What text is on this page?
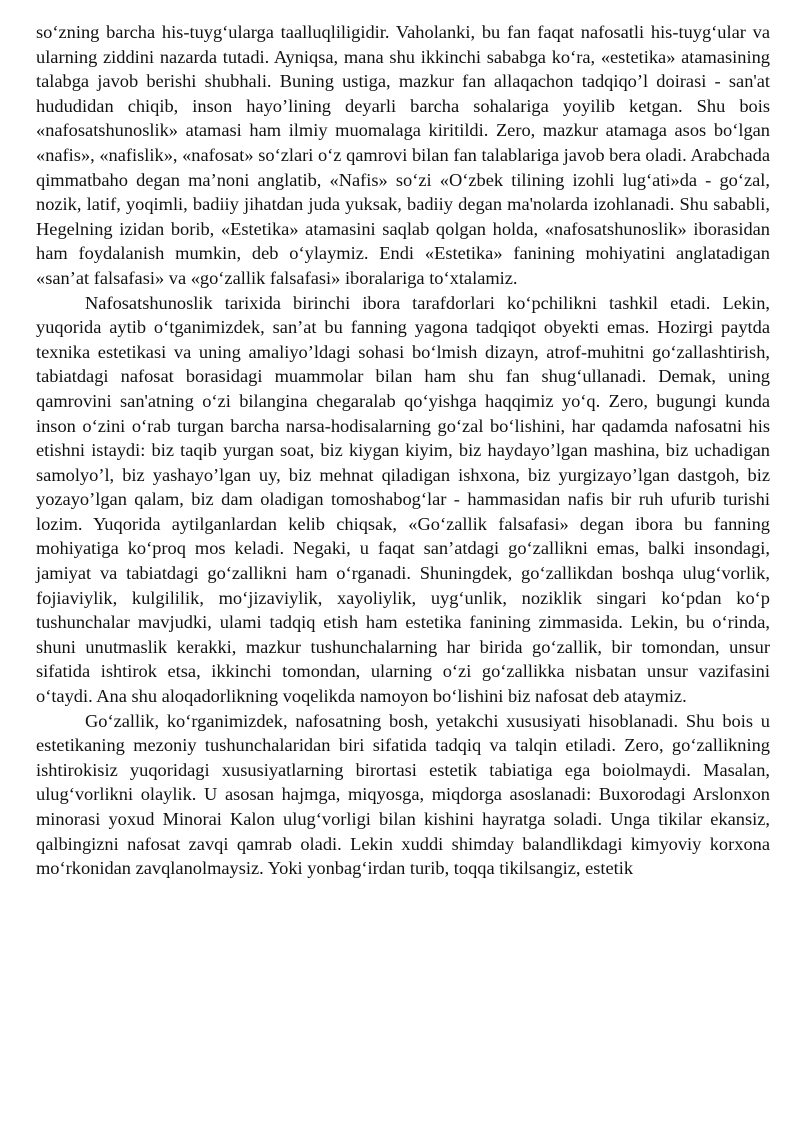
so‘zning barcha his-tuyg‘ularga taalluqliligidir. Vaholanki, bu fan faqat nafosatli his-tuyg‘ular va ularning ziddini nazarda tutadi. Ayniqsa, mana shu ikkinchi sababga ko‘ra, «estetika» atamasining talabga javob berishi shubhali. Buning ustiga, mazkur fan allaqachon tadqiqo’l doirasi - san'at hududidan chiqib, inson hayo’lining deyarli barcha sohalariga yoyilib ketgan. Shu bois «nafosatshunoslik» atamasi ham ilmiy muomalaga kiritildi. Zero, mazkur atamaga asos bo‘lgan «nafis», «nafislik», «nafosat» so‘zlari o‘z qamrovi bilan fan talablariga javob bera oladi. Arabchada qimmatbaho degan ma’noni anglatib, «Nafis» so‘zi «O‘zbek tilining izohli lug‘ati»da - go‘zal, nozik, latif, yoqimli, badiiy jihatdan juda yuksak, badiiy degan ma'nolarda izohlanadi. Shu sababli, Hegelning izidan borib, «Estetika» atamasini saqlab qolgan holda, «nafosatshunoslik» iborasidan ham foydalanish mumkin, deb o‘ylaymiz. Endi «Estetika» fanining mohiyatini anglatadigan «san’at falsafasi» va «go‘zallik falsafasi» iboralariga to‘xtalamiz.

Nafosatshunoslik tarixida birinchi ibora tarafdorlari ko‘pchilikni tashkil etadi. Lekin, yuqorida aytib o‘tganimizdek, san’at bu fanning yagona tadqiqot obyekti emas. Hozirgi paytda texnika estetikasi va uning amaliyo’ldagi sohasi bo‘lmish dizayn, atrof-muhitni go‘zallashtirish, tabiatdagi nafosat borasidagi muammolar bilan ham shu fan shug‘ullanadi. Demak, uning qamrovini san'atning o‘zi bilangina chegaralab qo‘yishga haqqimiz yo‘q. Zero, bugungi kunda inson o‘zini o‘rab turgan barcha narsa-hodisalarning go‘zal bo‘lishini, har qadamda nafosatni his etishni istaydi: biz taqib yurgan soat, biz kiygan kiyim, biz haydayo’lgan mashina, biz uchadigan samolyo’l, biz yashayo’lgan uy, biz mehnat qiladigan ishxona, biz yurgizayo’lgan dastgoh, biz yozayo’lgan qalam, biz dam oladigan tomoshabog‘lar - hammasidan nafis bir ruh ufurib turishi lozim. Yuqorida aytilganlardan kelib chiqsak, «Go‘zallik falsafasi» degan ibora bu fanning mohiyatiga ko‘proq mos keladi. Negaki, u faqat san’atdagi go‘zallikni emas, balki insondagi, jamiyat va tabiatdagi go‘zallikni ham o‘rganadi. Shuningdek, go‘zallikdan boshqa ulug‘vorlik, fojiaviylik, kulgililik, mo‘jizaviylik, xayoliylik, uyg‘unlik, noziklik singari ko‘pdan ko‘p tushunchalar mavjudki, ulami tadqiq etish ham estetika fanining zimmasida. Lekin, bu o‘rinda, shuni unutmaslik kerakki, mazkur tushunchalarning har birida go‘zallik, bir tomondan, unsur sifatida ishtirok etsa, ikkinchi tomondan, ularning o‘zi go‘zallikka nisbatan unsur vazifasini o‘taydi. Ana shu aloqadorlikning voqelikda namoyon bo‘lishini biz nafosat deb ataymiz.

Go‘zallik, ko‘rganimizdek, nafosatning bosh, yetakchi xususiyati hisoblanadi. Shu bois u estetikaning mezoniy tushunchalaridan biri sifatida tadqiq va talqin etiladi. Zero, go‘zallikning ishtirokisiz yuqoridagi xususiyatlarning birortasi estetik tabiatiga ega boiolmaydi. Masalan, ulug‘vorlikni olaylik. U asosan hajmga, miqyosga, miqdorga asoslanadi: Buxorodagi Arslonxon minorasi yoxud Minorai Kalon ulug‘vorligi bilan kishini hayratga soladi. Unga tikilar ekansiz, qalbingizni nafosat zavqi qamrab oladi. Lekin xuddi shimday balandlikdagi kimyoviy korxona mo‘rkonidan zavqlanolmaysiz. Yoki yonbag‘irdan turib, toqqa tikilsangiz, estetik
